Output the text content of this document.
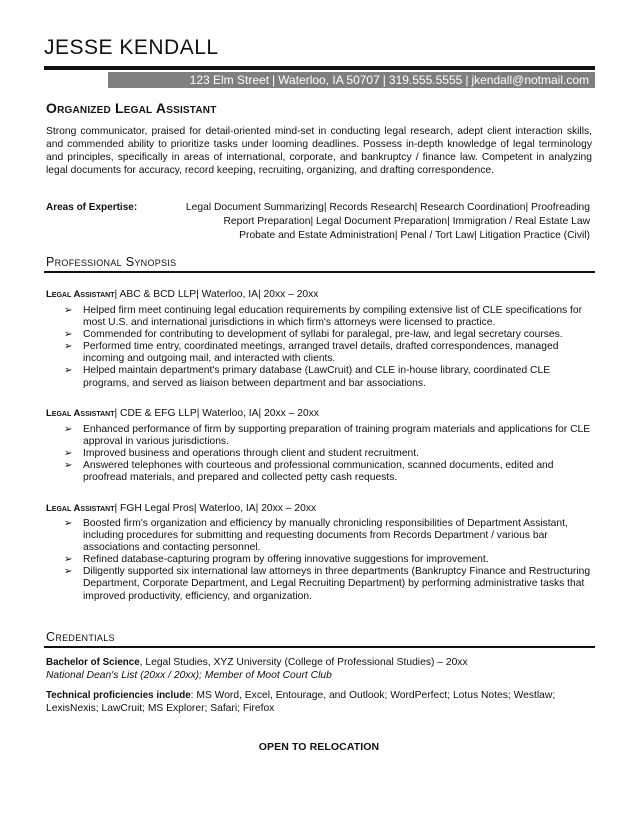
JESSE KENDALL
123 Elm Street | Waterloo, IA 50707 | 319.555.5555 | jkendall@notmail.com
Organized Legal Assistant
Strong communicator, praised for detail-oriented mind-set in conducting legal research, adept client interaction skills, and commended ability to prioritize tasks under looming deadlines. Possess in-depth knowledge of legal terminology and principles, specifically in areas of international, corporate, and bankruptcy / finance law. Competent in analyzing legal documents for accuracy, record keeping, recruiting, organizing, and drafting correspondence.
Areas of Expertise:	Legal Document Summarizing| Records Research| Research Coordination| Proofreading
Report Preparation| Legal Document Preparation| Immigration / Real Estate Law
Probate and Estate Administration| Penal / Tort Law| Litigation Practice (Civil)
Professional Synopsis
Legal Assistant| ABC & BCD LLP| Waterloo, IA| 20xx – 20xx
➢ Helped firm meet continuing legal education requirements by compiling extensive list of CLE specifications for most U.S. and international jurisdictions in which firm's attorneys were licensed to practice.
➢ Commended for contributing to development of syllabi for paralegal, pre-law, and legal secretary courses.
➢ Performed time entry, coordinated meetings, arranged travel details, drafted correspondences, managed incoming and outgoing mail, and interacted with clients.
➢ Helped maintain department's primary database (LawCruit) and CLE in-house library, coordinated CLE programs, and served as liaison between department and bar associations.
Legal Assistant| CDE & EFG LLP| Waterloo, IA| 20xx – 20xx
➢ Enhanced performance of firm by supporting preparation of training program materials and applications for CLE approval in various jurisdictions.
➢ Improved business and operations through client and student recruitment.
➢ Answered telephones with courteous and professional communication, scanned documents, edited and proofread materials, and prepared and collected petty cash requests.
Legal Assistant| FGH Legal Pros| Waterloo, IA| 20xx – 20xx
➢ Boosted firm's organization and efficiency by manually chronicling responsibilities of Department Assistant, including procedures for submitting and requesting documents from Records Department / various bar associations and contacting personnel.
➢ Refined database-capturing program by offering innovative suggestions for improvement.
➢ Diligently supported six international law attorneys in three departments (Bankruptcy Finance and Restructuring Department, Corporate Department, and Legal Recruiting Department) by performing administrative tasks that improved productivity, efficiency, and organization.
Credentials
Bachelor of Science, Legal Studies, XYZ University (College of Professional Studies) – 20xx
National Dean's List (20xx / 20xx); Member of Moot Court Club
Technical proficiencies include: MS Word, Excel, Entourage, and Outlook; WordPerfect; Lotus Notes; Westlaw; LexisNexis; LawCruit; MS Explorer; Safari; Firefox
OPEN TO RELOCATION
